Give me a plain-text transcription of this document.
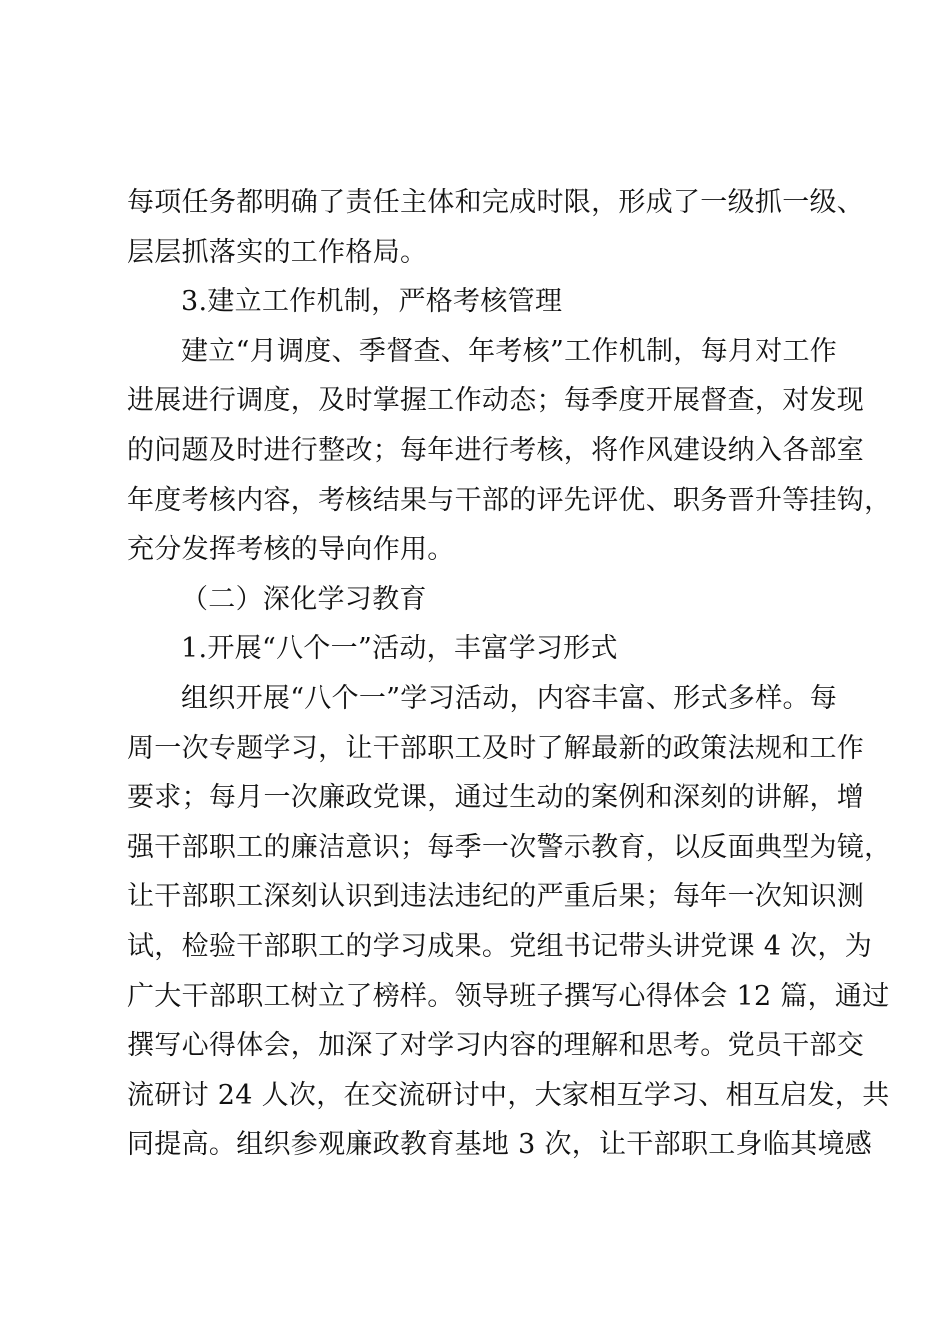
每项任务都明确了责任主体和完成时限，形成了一级抓一级、
层层抓落实的工作格局。
3.建立工作机制，严格考核管理
建立“月调度、季督查、年考核”工作机制，每月对工作
进展进行调度，及时掌握工作动态；每季度开展督查，对发现
的问题及时进行整改；每年进行考核，将作风建设纳入各部室
年度考核内容，考核结果与干部的评先评优、职务晋升等挂钩，
充分发挥考核的导向作用。
（二）深化学习教育
1.开展“八个一”活动，丰富学习形式
组织开展“八个一”学习活动，内容丰富、形式多样。每
周一次专题学习，让干部职工及时了解最新的政策法规和工作
要求；每月一次廉政党课，通过生动的案例和深刻的讲解，增
强干部职工的廉洁意识；每季一次警示教育，以反面典型为镜，
让干部职工深刻认识到违法违纪的严重后果；每年一次知识测
试，检验干部职工的学习成果。党组书记带头讲党课 4 次，为
广大干部职工树立了榜样。领导班子撰写心得体会 12 篇，通过
撰写心得体会，加深了对学习内容的理解和思考。党员干部交
流研讨 24 人次，在交流研讨中，大家相互学习、相互启发，共
同提高。组织参观廉政教育基地 3 次，让干部职工身临其境感
